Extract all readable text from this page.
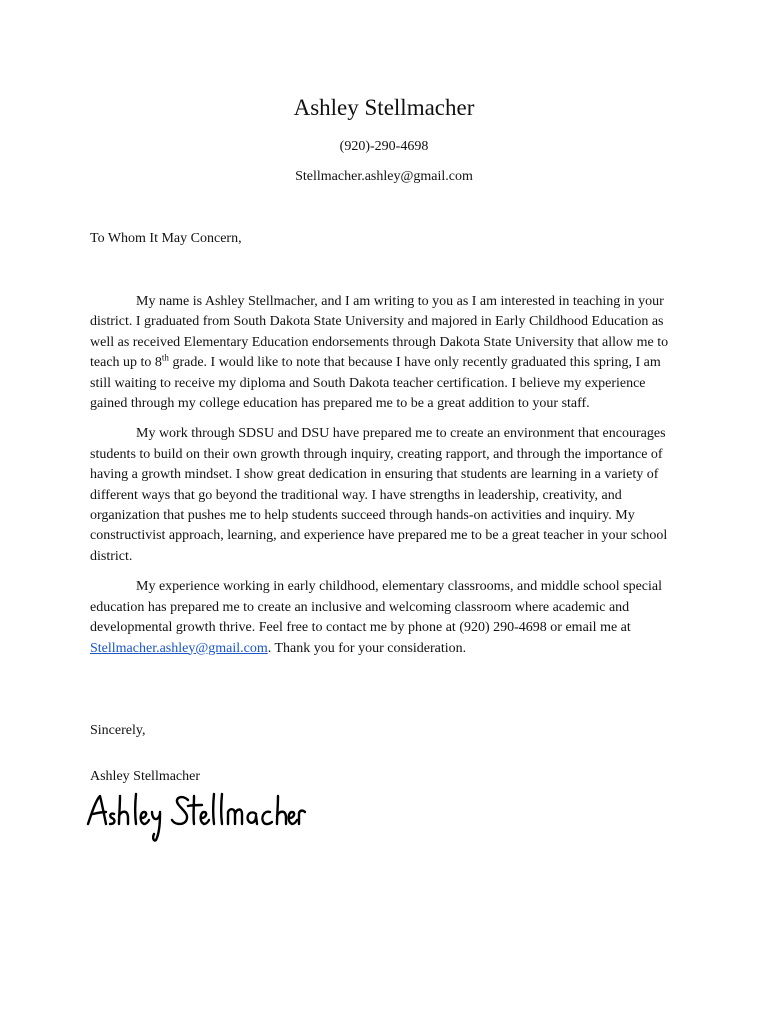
Ashley Stellmacher
(920)-290-4698
Stellmacher.ashley@gmail.com
To Whom It May Concern,

My name is Ashley Stellmacher, and I am writing to you as I am interested in teaching in your district. I graduated from South Dakota State University and majored in Early Childhood Education as well as received Elementary Education endorsements through Dakota State University that allow me to teach up to 8th grade. I would like to note that because I have only recently graduated this spring, I am still waiting to receive my diploma and South Dakota teacher certification. I believe my experience gained through my college education has prepared me to be a great addition to your staff.

My work through SDSU and DSU have prepared me to create an environment that encourages students to build on their own growth through inquiry, creating rapport, and through the importance of having a growth mindset. I show great dedication in ensuring that students are learning in a variety of different ways that go beyond the traditional way. I have strengths in leadership, creativity, and organization that pushes me to help students succeed through hands-on activities and inquiry. My constructivist approach, learning, and experience have prepared me to be a great teacher in your school district.

My experience working in early childhood, elementary classrooms, and middle school special education has prepared me to create an inclusive and welcoming classroom where academic and developmental growth thrive. Feel free to contact me by phone at (920) 290-4698 or email me at Stellmacher.ashley@gmail.com. Thank you for your consideration.

Sincerely,
Ashley Stellmacher
